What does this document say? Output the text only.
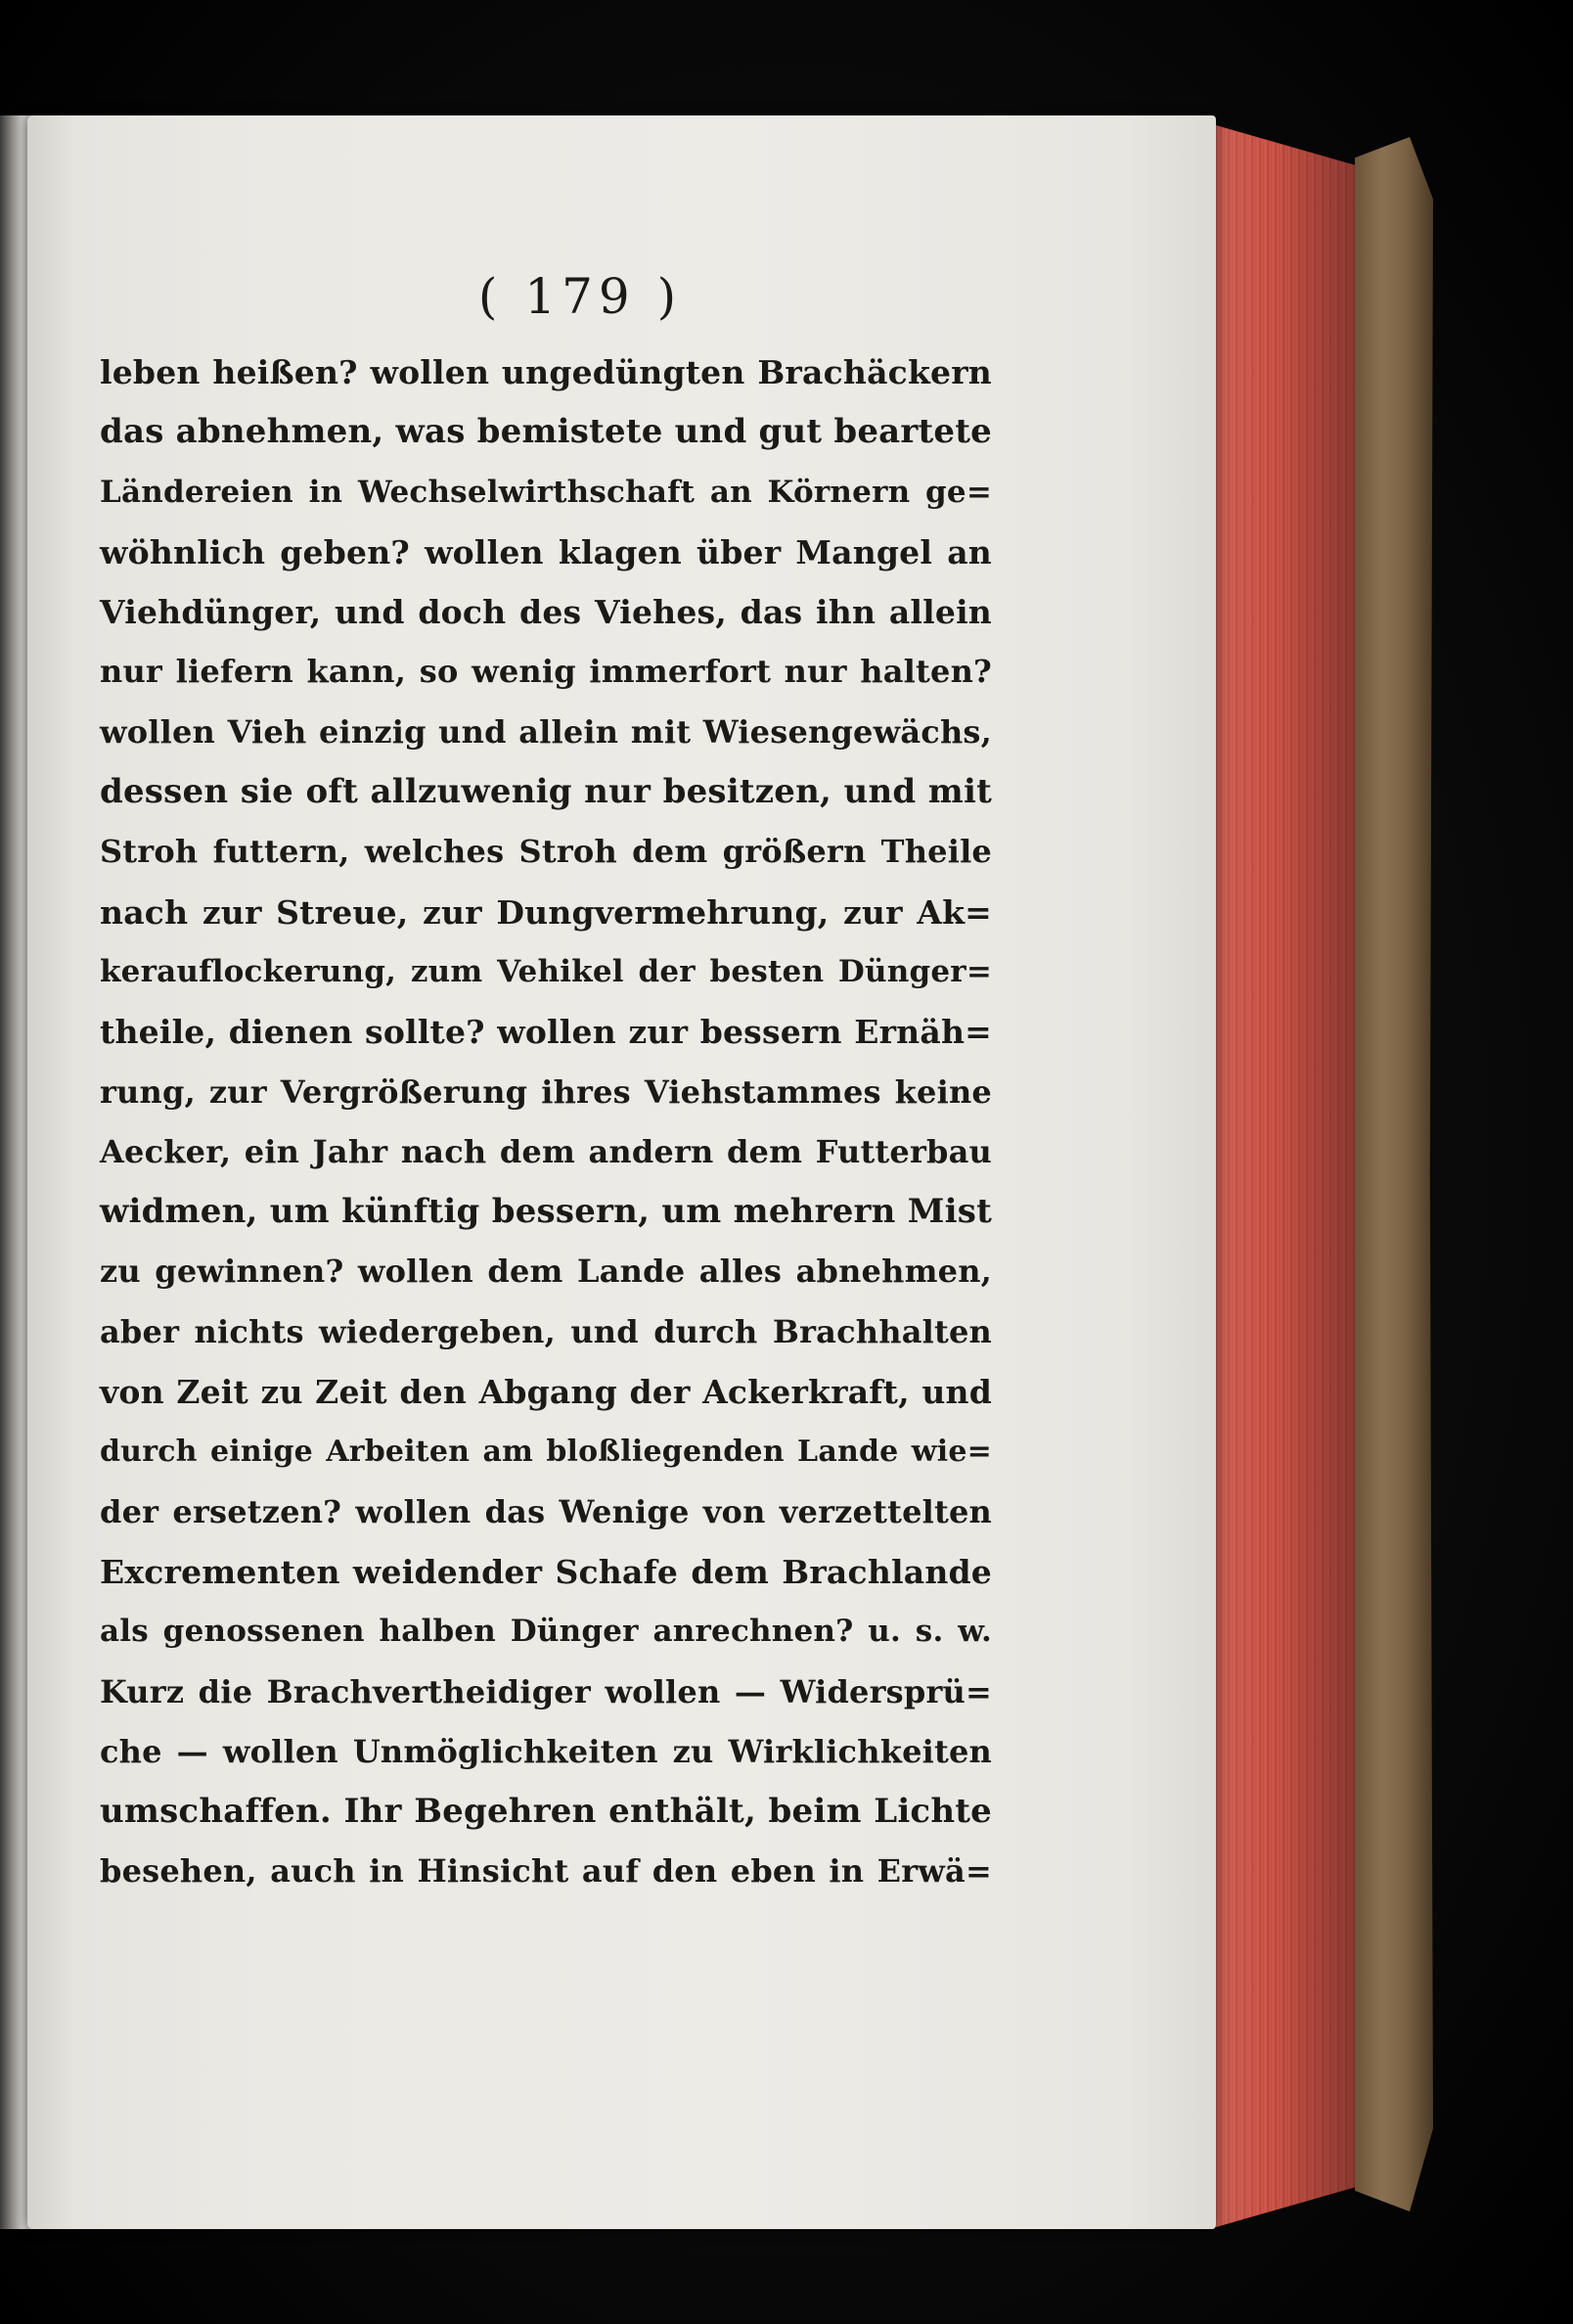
( 179 )
leben heißen? wollen ungedüngten Brachäckern
das abnehmen, was bemistete und gut beartete
Ländereien in Wechselwirthschaft an Körnern ge=
wöhnlich geben? wollen klagen über Mangel an
Viehdünger, und doch des Viehes, das ihn allein
nur liefern kann, so wenig immerfort nur halten?
wollen Vieh einzig und allein mit Wiesengewächs,
dessen sie oft allzuwenig nur besitzen, und mit
Stroh futtern, welches Stroh dem größern Theile
nach zur Streue, zur Dungvermehrung, zur Ak=
kerauflockerung, zum Vehikel der besten Dünger=
theile, dienen sollte? wollen zur bessern Ernäh=
rung, zur Vergrößerung ihres Viehstammes keine
Aecker, ein Jahr nach dem andern dem Futterbau
widmen, um künftig bessern, um mehrern Mist
zu gewinnen? wollen dem Lande alles abnehmen,
aber nichts wiedergeben, und durch Brachhalten
von Zeit zu Zeit den Abgang der Ackerkraft, und
durch einige Arbeiten am bloßliegenden Lande wie=
der ersetzen? wollen das Wenige von verzettelten
Excrementen weidender Schafe dem Brachlande
als genossenen halben Dünger anrechnen? u. s. w.
Kurz die Brachvertheidiger wollen — Widersprü=
che — wollen Unmöglichkeiten zu Wirklichkeiten
umschaffen. Ihr Begehren enthält, beim Lichte
besehen, auch in Hinsicht auf den eben in Erwä=
